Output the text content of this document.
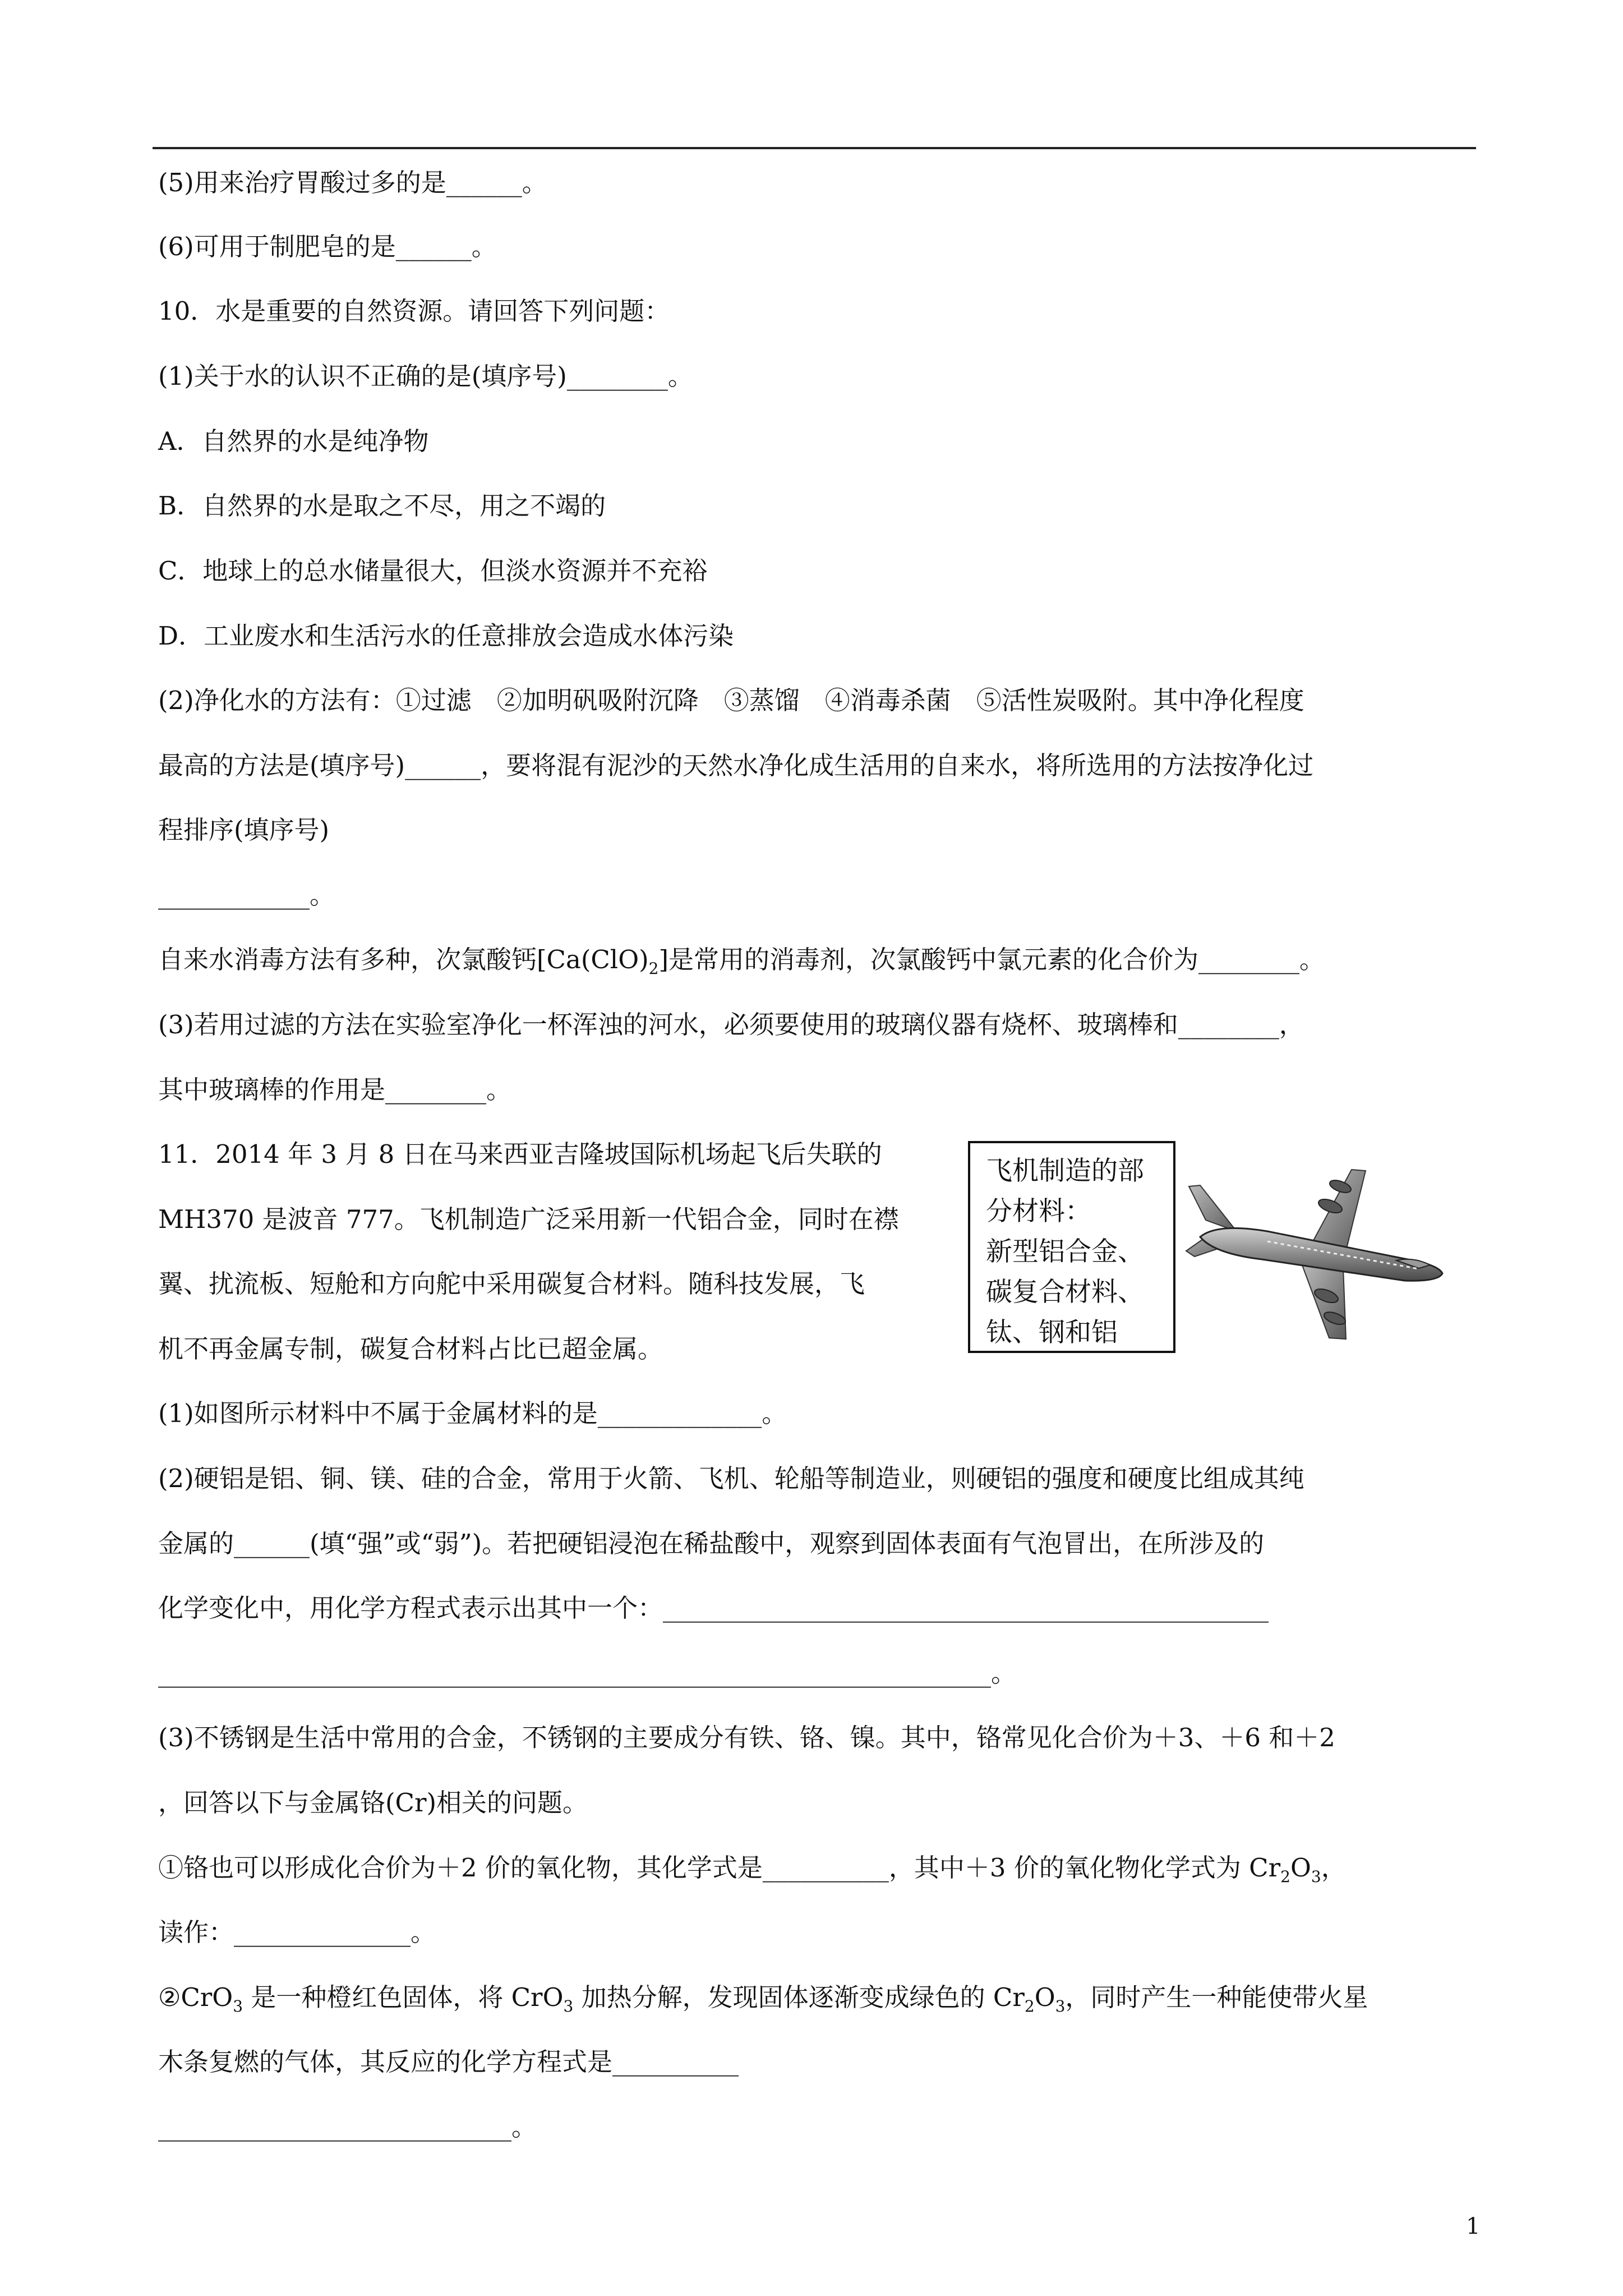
(5)用来治疗胃酸过多的是______。
(6)可用于制肥皂的是______。
10．水是重要的自然资源。请回答下列问题：
(1)关于水的认识不正确的是(填序号)________。
A．自然界的水是纯净物
B．自然界的水是取之不尽，用之不竭的
C．地球上的总水储量很大，但淡水资源并不充裕
D．工业废水和生活污水的任意排放会造成水体污染
(2)净化水的方法有：①过滤　②加明矾吸附沉降　③蒸馏　④消毒杀菌　⑤活性炭吸附。其中净化程度
最高的方法是(填序号)______，要将混有泥沙的天然水净化成生活用的自来水，将所选用的方法按净化过
程排序(填序号)
____________。
自来水消毒方法有多种，次氯酸钙$[Ca(ClO)_2]$是常用的消毒剂，次氯酸钙中氯元素的化合价为________。
(3)若用过滤的方法在实验室净化一杯浑浊的河水，必须要使用的玻璃仪器有烧杯、玻璃棒和________，
其中玻璃棒的作用是________。
11．2014 年 3 月 8 日在马来西亚吉隆坡国际机场起飞后失联的
MH370 是波音 777。飞机制造广泛采用新一代铝合金，同时在襟
翼、扰流板、短舱和方向舵中采用碳复合材料。随科技发展，飞
机不再金属专制，碳复合材料占比已超金属。
飞机制造的部
分材料：
新型铝合金、
碳复合材料、
钛、钢和铝
(1)如图所示材料中不属于金属材料的是_____________。
(2)硬铝是铝、铜、镁、硅的合金，常用于火箭、飞机、轮船等制造业，则硬铝的强度和硬度比组成其纯
金属的______(填“强”或“弱”)。若把硬铝浸泡在稀盐酸中，观察到固体表面有气泡冒出，在所涉及的
化学变化中，用化学方程式表示出其中一个：________________________________________________
__________________________________________________________________。
(3)不锈钢是生活中常用的合金，不锈钢的主要成分有铁、铬、镍。其中，铬常见化合价为＋3、＋6 和＋2
，回答以下与金属铬(Cr)相关的问题。
①铬也可以形成化合价为＋2 价的氧化物，其化学式是__________，其中＋3 价的氧化物化学式为 $Cr_2O_3$，
读作：______________。
②CrO$_3$ 是一种橙红色固体，将 CrO$_3$ 加热分解，发现固体逐渐变成绿色的 $Cr_2O_3$，同时产生一种能使带火星
木条复燃的气体，其反应的化学方程式是__________
____________________________。
1
